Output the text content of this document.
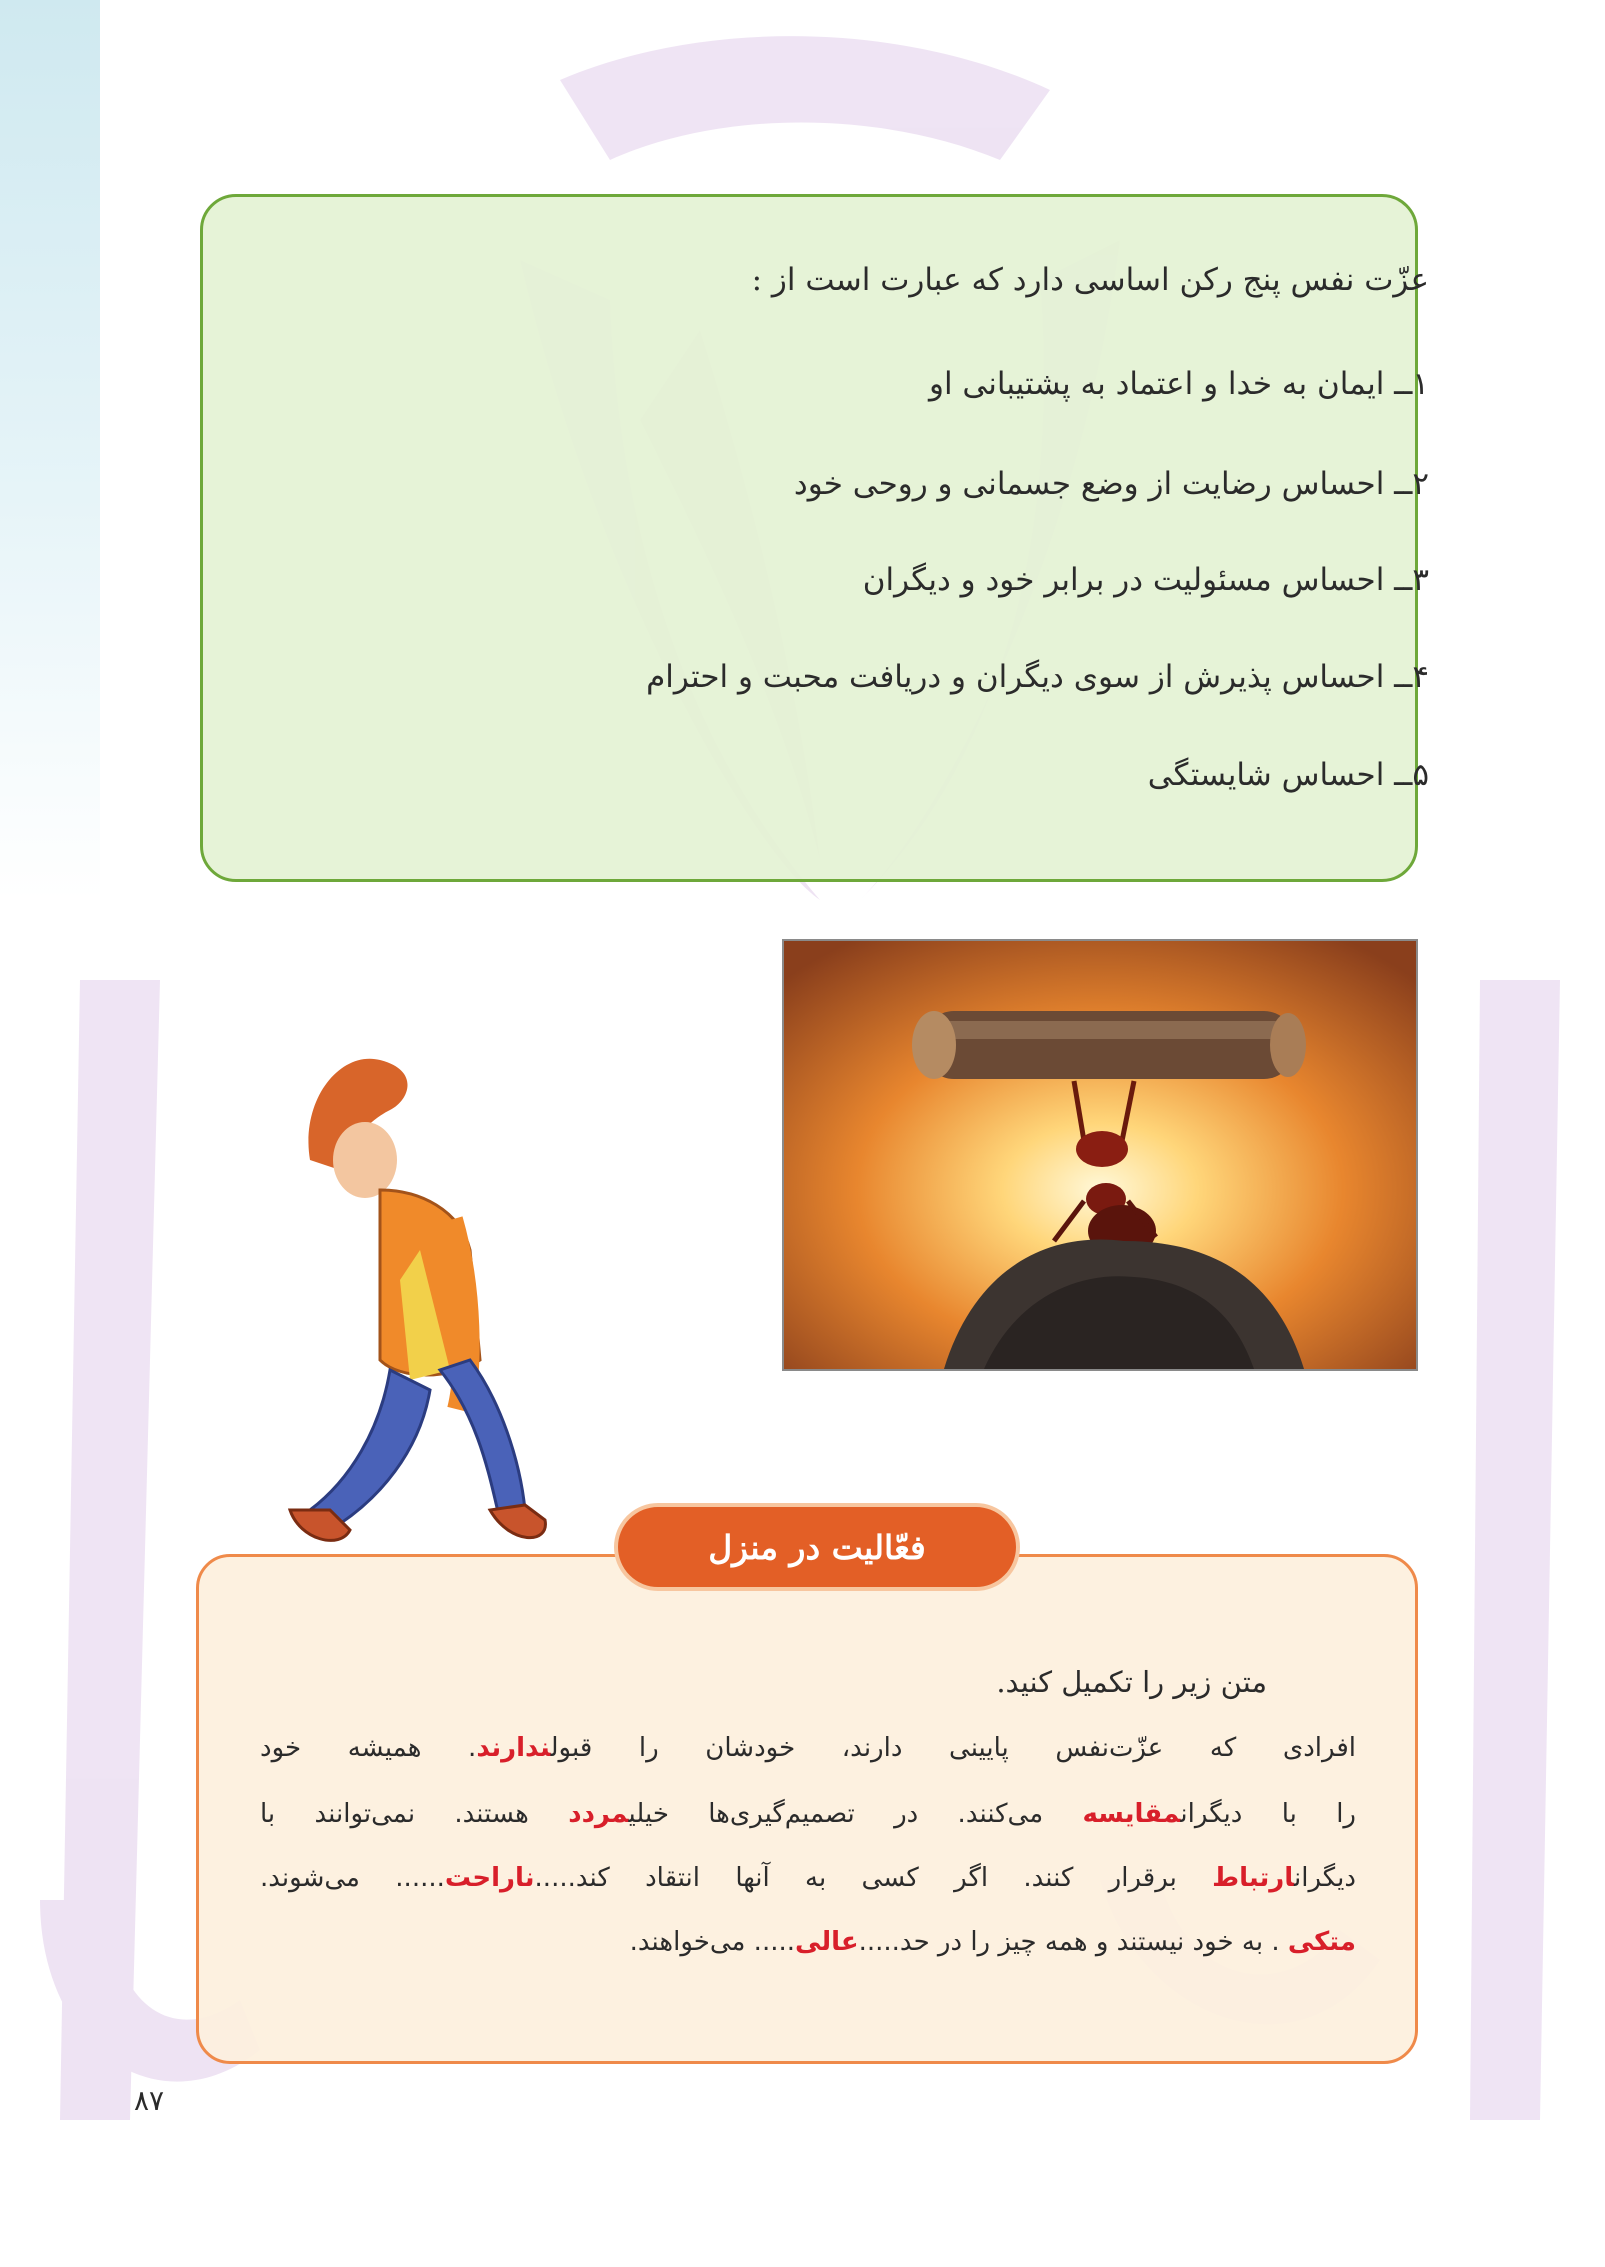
عزّت نفس پنج رکن اساسی دارد که عبارت است از :

۱ــ ایمان به خدا و اعتماد به پشتیبانی او

۲ــ احساس رضایت از وضع جسمانی و روحی خود

۳ــ احساس مسئولیت در برابر خود و دیگران

۴ــ احساس پذیرش از سوی دیگران و دریافت محبت و احترام

۵ــ احساس شایستگی

فعّالیت در منزل

متن زیر را تکمیل کنید.

افرادی که عزّت‌نفس پایینی دارند، خودشان را قبولندارند. همیشه خود

را با دیگرانمقایسه می‌کنند. در تصمیم‌گیری‌ها خیلیمردد هستند. نمی‌توانند با

دیگرانارتباط برقرار کنند. اگر کسی به آنها انتقاد کند.....ناراحت...... می‌شوند.

متکی . به خود نیستند و همه چیز را در حد.....عالی..... می‌خواهند.

۸۷
